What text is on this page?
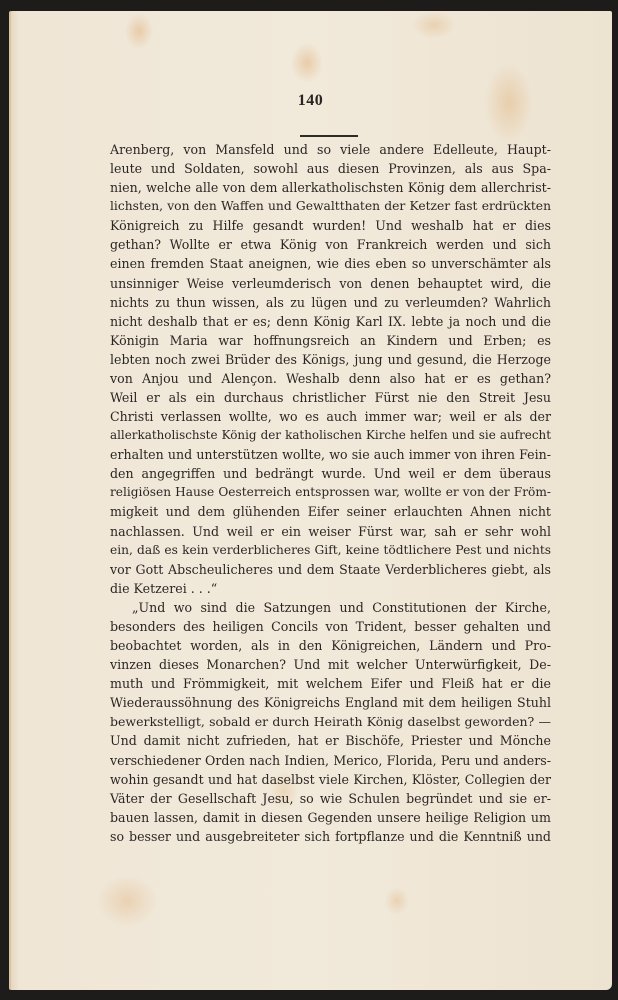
140
Arenberg, von Mansfeld und so viele andere Edelleute, Haupt-
leute und Soldaten, sowohl aus diesen Provinzen, als aus Spa-
nien, welche alle von dem allerkatholischsten König dem allerchrist-
lichsten, von den Waffen und Gewaltthaten der Ketzer fast erdrückten
Königreich zu Hilfe gesandt wurden! Und weshalb hat er dies
gethan? Wollte er etwa König von Frankreich werden und sich
einen fremden Staat aneignen, wie dies eben so unverschämter als
unsinniger Weise verleumderisch von denen behauptet wird, die
nichts zu thun wissen, als zu lügen und zu verleumden? Wahrlich
nicht deshalb that er es; denn König Karl IX. lebte ja noch und die
Königin Maria war hoffnungsreich an Kindern und Erben; es
lebten noch zwei Brüder des Königs, jung und gesund, die Herzoge
von Anjou und Alençon. Weshalb denn also hat er es gethan?
Weil er als ein durchaus christlicher Fürst nie den Streit Jesu
Christi verlassen wollte, wo es auch immer war; weil er als der
allerkatholischste König der katholischen Kirche helfen und sie aufrecht
erhalten und unterstützen wollte, wo sie auch immer von ihren Fein-
den angegriffen und bedrängt wurde. Und weil er dem überaus
religiösen Hause Oesterreich entsprossen war, wollte er von der Fröm-
migkeit und dem glühenden Eifer seiner erlauchten Ahnen nicht
nachlassen. Und weil er ein weiser Fürst war, sah er sehr wohl
ein, daß es kein verderblicheres Gift, keine tödtlichere Pest und nichts
vor Gott Abscheulicheres und dem Staate Verderblicheres giebt, als
die Ketzerei . . .“
„Und wo sind die Satzungen und Constitutionen der Kirche,
besonders des heiligen Concils von Trident, besser gehalten und
beobachtet worden, als in den Königreichen, Ländern und Pro-
vinzen dieses Monarchen? Und mit welcher Unterwürfigkeit, De-
muth und Frömmigkeit, mit welchem Eifer und Fleiß hat er die
Wiederaussöhnung des Königreichs England mit dem heiligen Stuhl
bewerkstelligt, sobald er durch Heirath König daselbst geworden? —
Und damit nicht zufrieden, hat er Bischöfe, Priester und Mönche
verschiedener Orden nach Indien, Merico, Florida, Peru und anders-
wohin gesandt und hat daselbst viele Kirchen, Klöster, Collegien der
Väter der Gesellschaft Jesu, so wie Schulen begründet und sie er-
bauen lassen, damit in diesen Gegenden unsere heilige Religion um
so besser und ausgebreiteter sich fortpflanze und die Kenntniß und
